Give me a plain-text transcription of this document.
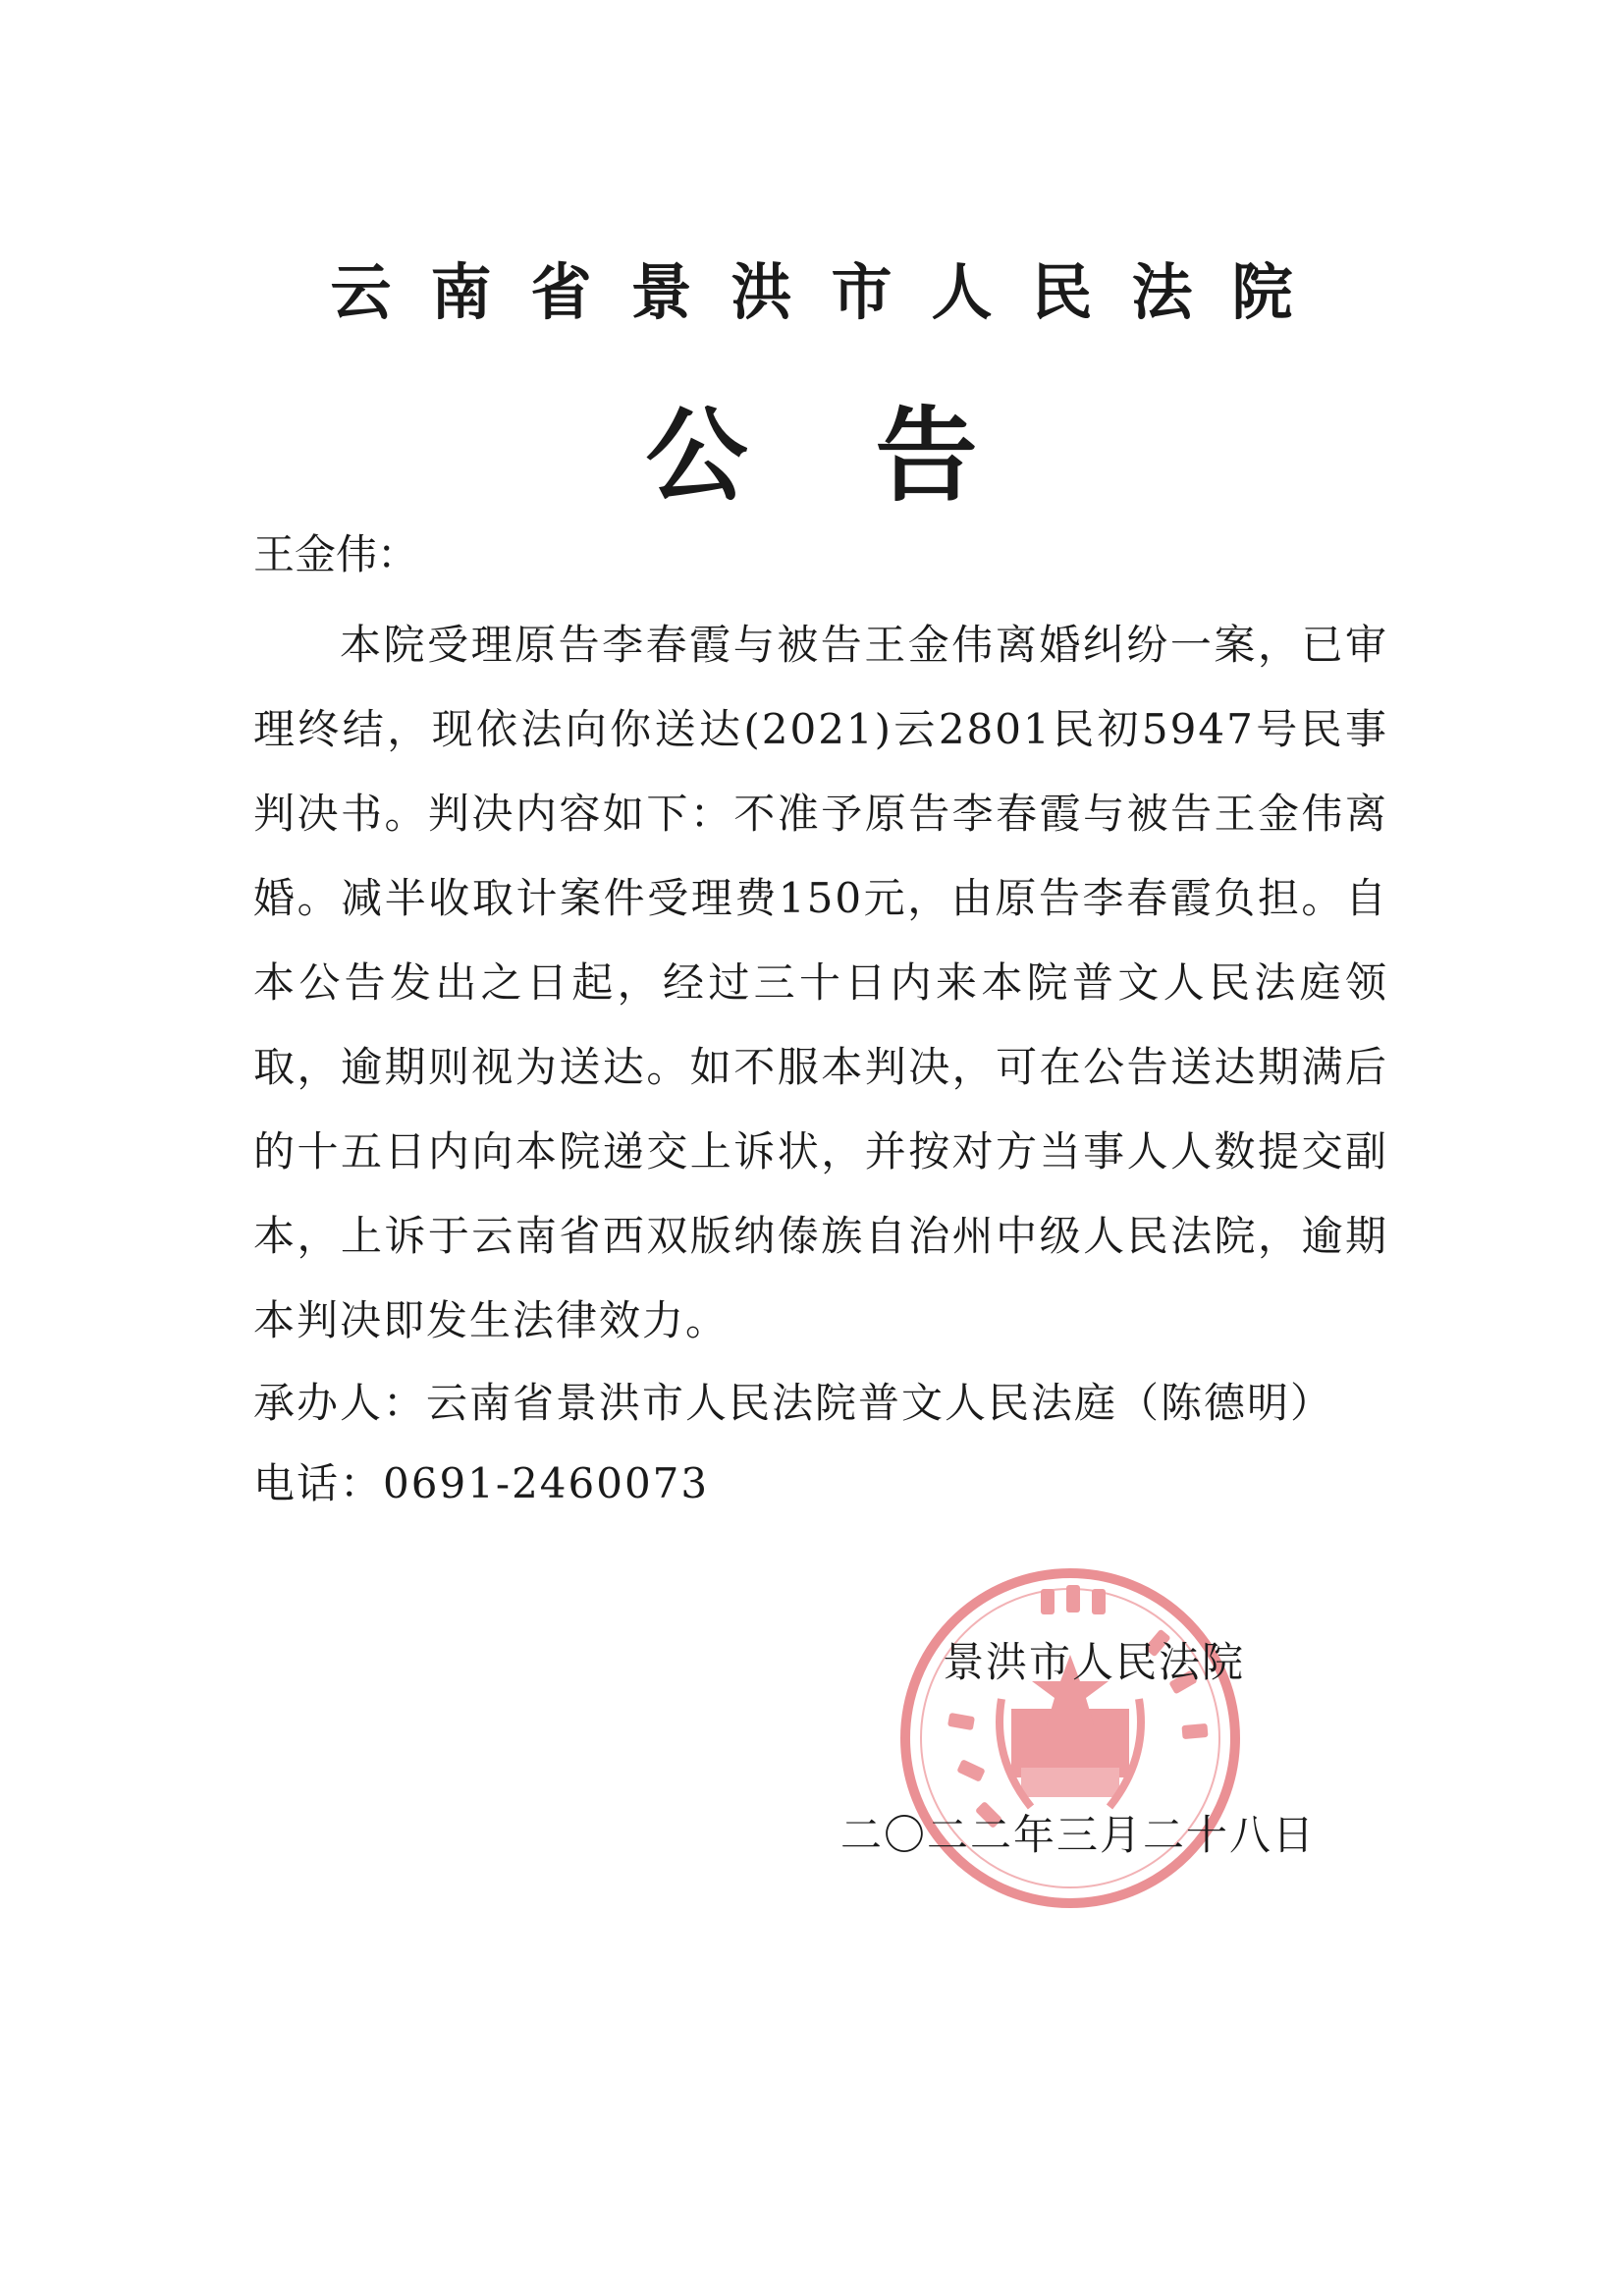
云南省景洪市人民法院
公告
王金伟：
本院受理原告李春霞与被告王金伟离婚纠纷一案，已审理终结，现依法向你送达(2021)云2801民初5947号民事判决书。判决内容如下：不准予原告李春霞与被告王金伟离婚。减半收取计案件受理费150元，由原告李春霞负担。自本公告发出之日起，经过三十日内来本院普文人民法庭领取，逾期则视为送达。如不服本判决，可在公告送达期满后的十五日内向本院递交上诉状，并按对方当事人人数提交副本，上诉于云南省西双版纳傣族自治州中级人民法院，逾期本判决即发生法律效力。
承办人：云南省景洪市人民法院普文人民法庭（陈德明）
电话：0691-2460073
景洪市人民法院
二〇二二年三月二十八日
